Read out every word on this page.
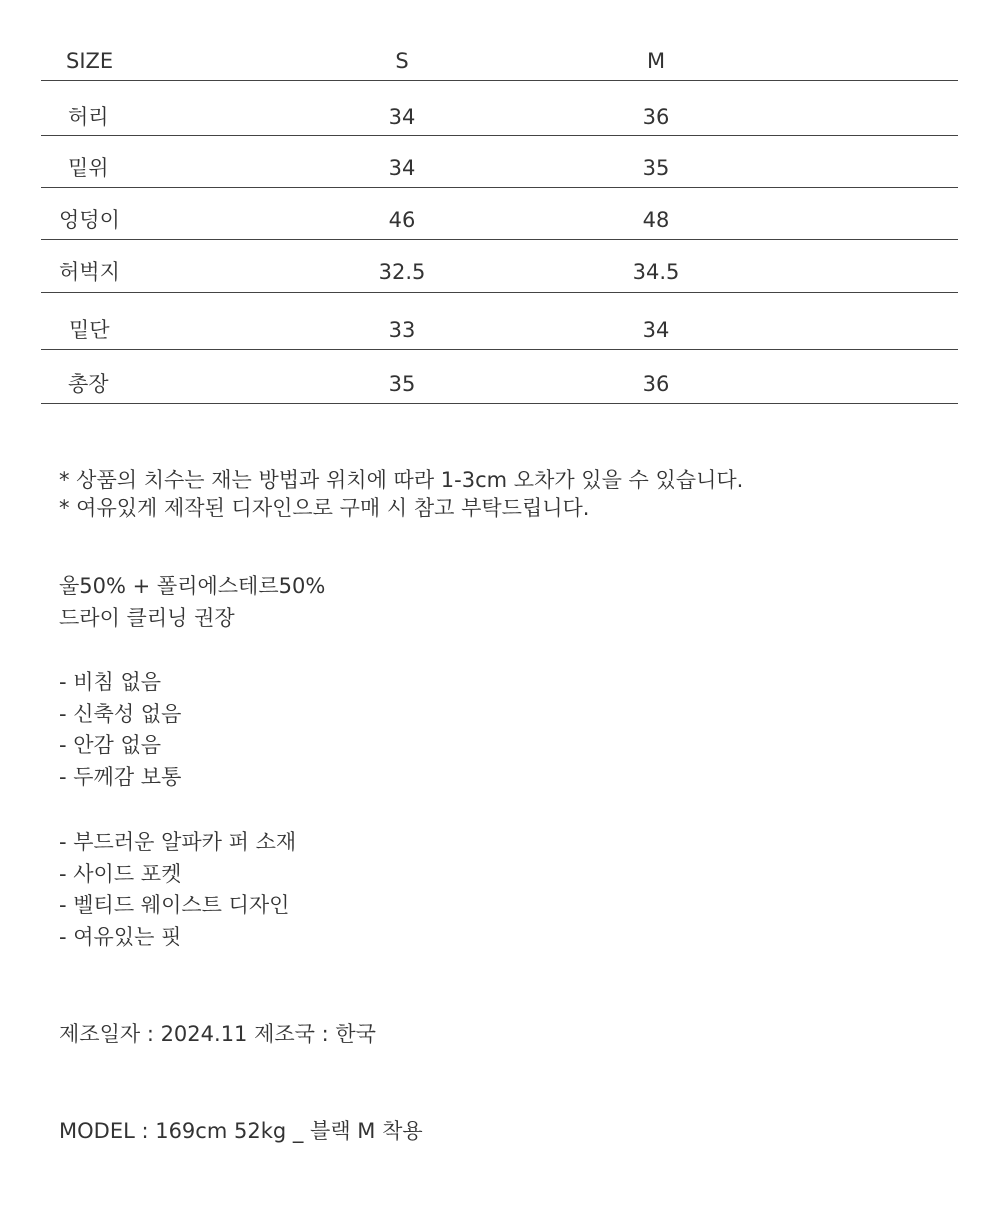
SIZE	S	M
허리	34	36
밑위	34	35
엉덩이	46	48
허벅지	32.5	34.5
밑단	33	34
총장	35	36
* 상품의 치수는 재는 방법과 위치에 따라 1-3cm 오차가 있을 수 있습니다.
* 여유있게 제작된 디자인으로 구매 시 참고 부탁드립니다.
울50% + 폴리에스테르50%
드라이 클리닝 권장
- 비침 없음
- 신축성 없음
- 안감 없음
- 두께감 보통
- 부드러운 알파카 퍼 소재
- 사이드 포켓
- 벨티드 웨이스트 디자인
- 여유있는 핏
제조일자 : 2024.11 제조국 : 한국
MODEL : 169cm 52kg _ 블랙 M 착용
